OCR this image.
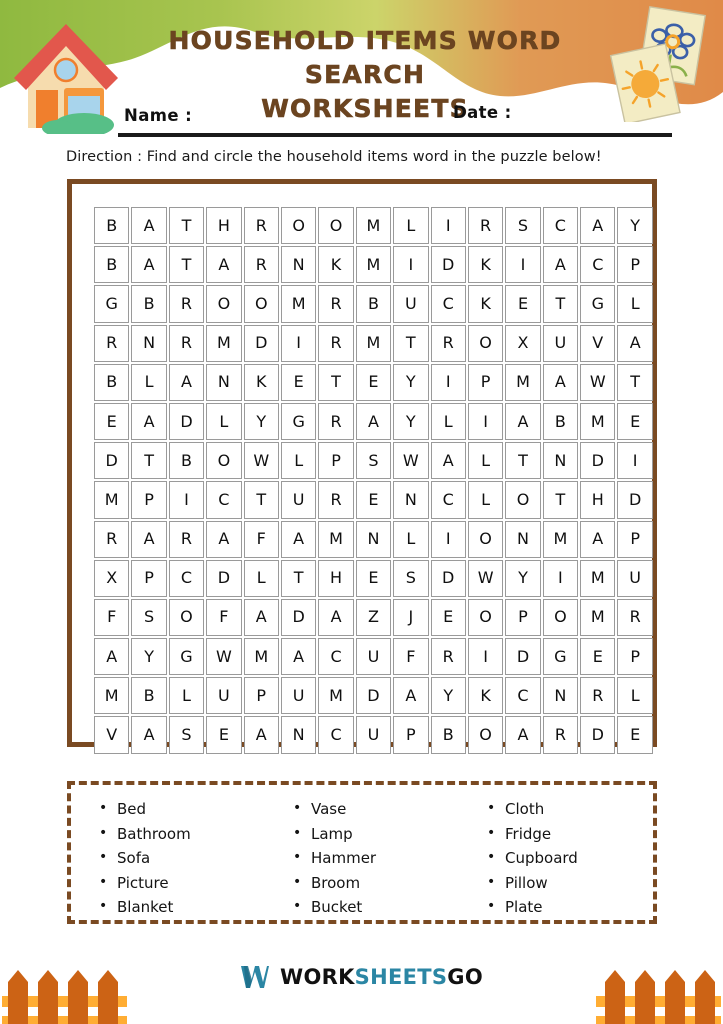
HOUSEHOLD ITEMS WORD SEARCH
WORKSHEETS
Name :	Date :
Direction : Find and circle the household items word in the puzzle below!
B	A	T	H	R	O	O	M	L	I	R	S	C	A	Y
B	A	T	A	R	N	K	M	I	D	K	I	A	C	P
G	B	R	O	O	M	R	B	U	C	K	E	T	G	L
R	N	R	M	D	I	R	M	T	R	O	X	U	V	A
B	L	A	N	K	E	T	E	Y	I	P	M	A	W	T
E	A	D	L	Y	G	R	A	Y	L	I	A	B	M	E
D	T	B	O	W	L	P	S	W	A	L	T	N	D	I
M	P	I	C	T	U	R	E	N	C	L	O	T	H	D
R	A	R	A	F	A	M	N	L	I	O	N	M	A	P
X	P	C	D	L	T	H	E	S	D	W	Y	I	M	U
F	S	O	F	A	D	A	Z	J	E	O	P	O	M	R
A	Y	G	W	M	A	C	U	F	R	I	D	G	E	P
M	B	L	U	P	U	M	D	A	Y	K	C	N	R	L
V	A	S	E	A	N	C	U	P	B	O	A	R	D	E
• Bed
• Bathroom
• Sofa
• Picture
• Blanket
• Vase
• Lamp
• Hammer
• Broom
• Bucket
• Cloth
• Fridge
• Cupboard
• Pillow
• Plate
WORKSHEETSGO
